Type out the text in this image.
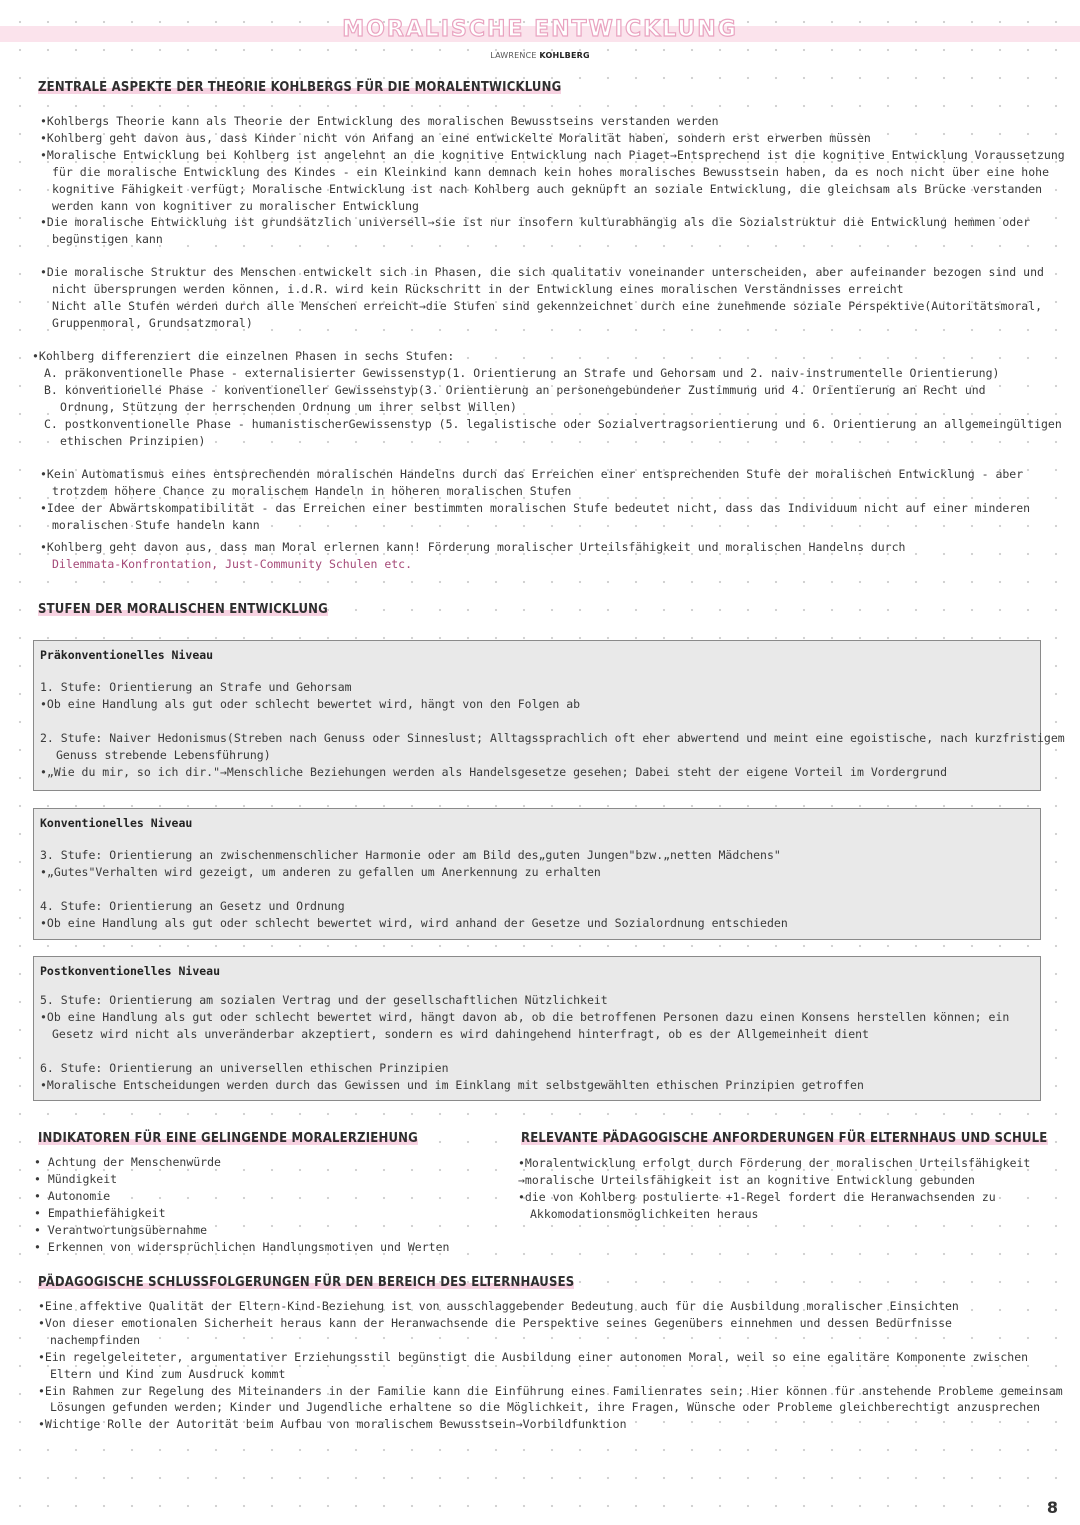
MORALISCHE ENTWICKLUNG
LAWRENCE KOHLBERG
ZENTRALE ASPEKTE DER THEORIE KOHLBERGS FÜR DIE MORALENTWICKLUNG

•Kohlbergs Theorie kann als Theorie der Entwicklung des moralischen Bewusstseins verstanden werden

•Kohlberg geht davon aus, dass Kinder nicht von Anfang an eine entwickelte Moralität haben, sondern erst erwerben müssen

•Moralische Entwicklung bei Kohlberg ist angelehnt an die kognitive Entwicklung nach Piaget→Entsprechend ist die kognitive Entwicklung Voraussetzung

für die moralische Entwicklung des Kindes - ein Kleinkind kann demnach kein hohes moralisches Bewusstsein haben, da es noch nicht über eine hohe

kognitive Fähigkeit verfügt; Moralische Entwicklung ist nach Kohlberg auch geknüpft an soziale Entwicklung, die gleichsam als Brücke verstanden

werden kann von kognitiver zu moralischer Entwicklung

•Die moralische Entwicklung ist grundsätzlich universell→sie ist nur insofern kulturabhängig als die Sozialstruktur die Entwicklung hemmen oder

begünstigen kann

•Die moralische Struktur des Menschen entwickelt sich in Phasen, die sich qualitativ voneinander unterscheiden, aber aufeinander bezogen sind und

nicht übersprungen werden können, i.d.R. wird kein Rückschritt in der Entwicklung eines moralischen Verständnisses erreicht

Nicht alle Stufen werden durch alle Menschen erreicht→die Stufen sind gekennzeichnet durch eine zunehmende soziale Perspektive(Autoritätsmoral,

Gruppenmoral, Grundsatzmoral)

•Kohlberg differenziert die einzelnen Phasen in sechs Stufen:

A. präkonventionelle Phase - externalisierter Gewissenstyp(1. Orientierung an Strafe und Gehorsam und 2. naiv-instrumentelle Orientierung)

B. konventionelle Phase - konventioneller Gewissenstyp(3. Orientierung an personengebundener Zustimmung und 4. Orientierung an Recht und

Ordnung, Stützung der herrschenden Ordnung um ihrer selbst Willen)

C. postkonventionelle Phase - humanistischerGewissenstyp (5. legalistische oder Sozialvertragsorientierung und 6. Orientierung an allgemeingültigen

ethischen Prinzipien)

•Kein Automatismus eines entsprechenden moralischen Handelns durch das Erreichen einer entsprechenden Stufe der moralischen Entwicklung - aber

trotzdem höhere Chance zu moralischem Handeln in höheren moralischen Stufen

•Idee der Abwärtskompatibilität - das Erreichen einer bestimmten moralischen Stufe bedeutet nicht, dass das Individuum nicht auf einer minderen

moralischen Stufe handeln kann

•Kohlberg geht davon aus, dass man Moral erlernen kann! Förderung moralischer Urteilsfähigkeit und moralischen Handelns durch

Dilemmata-Konfrontation, Just-Community Schulen etc.

STUFEN DER MORALISCHEN ENTWICKLUNG
Präkonventionelles Niveau

1. Stufe: Orientierung an Strafe und Gehorsam

•Ob eine Handlung als gut oder schlecht bewertet wird, hängt von den Folgen ab

2. Stufe: Naiver Hedonismus(Streben nach Genuss oder Sinneslust; Alltagssprachlich oft eher abwertend und meint eine egoistische, nach kurzfristigem

Genuss strebende Lebensführung)

•„Wie du mir, so ich dir."→Menschliche Beziehungen werden als Handelsgesetze gesehen; Dabei steht der eigene Vorteil im Vordergrund

Konventionelles Niveau

3. Stufe: Orientierung an zwischenmenschlicher Harmonie oder am Bild des„guten Jungen"bzw.„netten Mädchens"

•„Gutes"Verhalten wird gezeigt, um anderen zu gefallen um Anerkennung zu erhalten

4. Stufe: Orientierung an Gesetz und Ordnung

•Ob eine Handlung als gut oder schlecht bewertet wird, wird anhand der Gesetze und Sozialordnung entschieden

Postkonventionelles Niveau

5. Stufe: Orientierung am sozialen Vertrag und der gesellschaftlichen Nützlichkeit

•Ob eine Handlung als gut oder schlecht bewertet wird, hängt davon ab, ob die betroffenen Personen dazu einen Konsens herstellen können; ein

Gesetz wird nicht als unveränderbar akzeptiert, sondern es wird dahingehend hinterfragt, ob es der Allgemeinheit dient

6. Stufe: Orientierung an universellen ethischen Prinzipien

•Moralische Entscheidungen werden durch das Gewissen und im Einklang mit selbstgewählten ethischen Prinzipien getroffen

INDIKATOREN FÜR EINE GELINGENDE MORALERZIEHUNG

• Achtung der Menschenwürde

• Mündigkeit

• Autonomie

• Empathiefähigkeit

• Verantwortungsübernahme

• Erkennen von widersprüchlichen Handlungsmotiven und Werten

RELEVANTE PÄDAGOGISCHE ANFORDERUNGEN FÜR ELTERNHAUS UND SCHULE

•Moralentwicklung erfolgt durch Förderung der moralischen Urteilsfähigkeit

→moralische Urteilsfähigkeit ist an kognitive Entwicklung gebunden

•die von Kohlberg postulierte +1-Regel fordert die Heranwachsenden zu

Akkomodationsmöglichkeiten heraus

PÄDAGOGISCHE SCHLUSSFOLGERUNGEN FÜR DEN BEREICH DES ELTERNHAUSES

•Eine affektive Qualität der Eltern-Kind-Beziehung ist von ausschlaggebender Bedeutung auch für die Ausbildung moralischer Einsichten

•Von dieser emotionalen Sicherheit heraus kann der Heranwachsende die Perspektive seines Gegenübers einnehmen und dessen Bedürfnisse

nachempfinden

•Ein regelgeleiteter, argumentativer Erziehungsstil begünstigt die Ausbildung einer autonomen Moral, weil so eine egalitäre Komponente zwischen

Eltern und Kind zum Ausdruck kommt

•Ein Rahmen zur Regelung des Miteinanders in der Familie kann die Einführung eines Familienrates sein; Hier können für anstehende Probleme gemeinsam

Lösungen gefunden werden; Kinder und Jugendliche erhaltene so die Möglichkeit, ihre Fragen, Wünsche oder Probleme gleichberechtigt anzusprechen

•Wichtige Rolle der Autorität beim Aufbau von moralischem Bewusstsein→Vorbildfunktion

8
